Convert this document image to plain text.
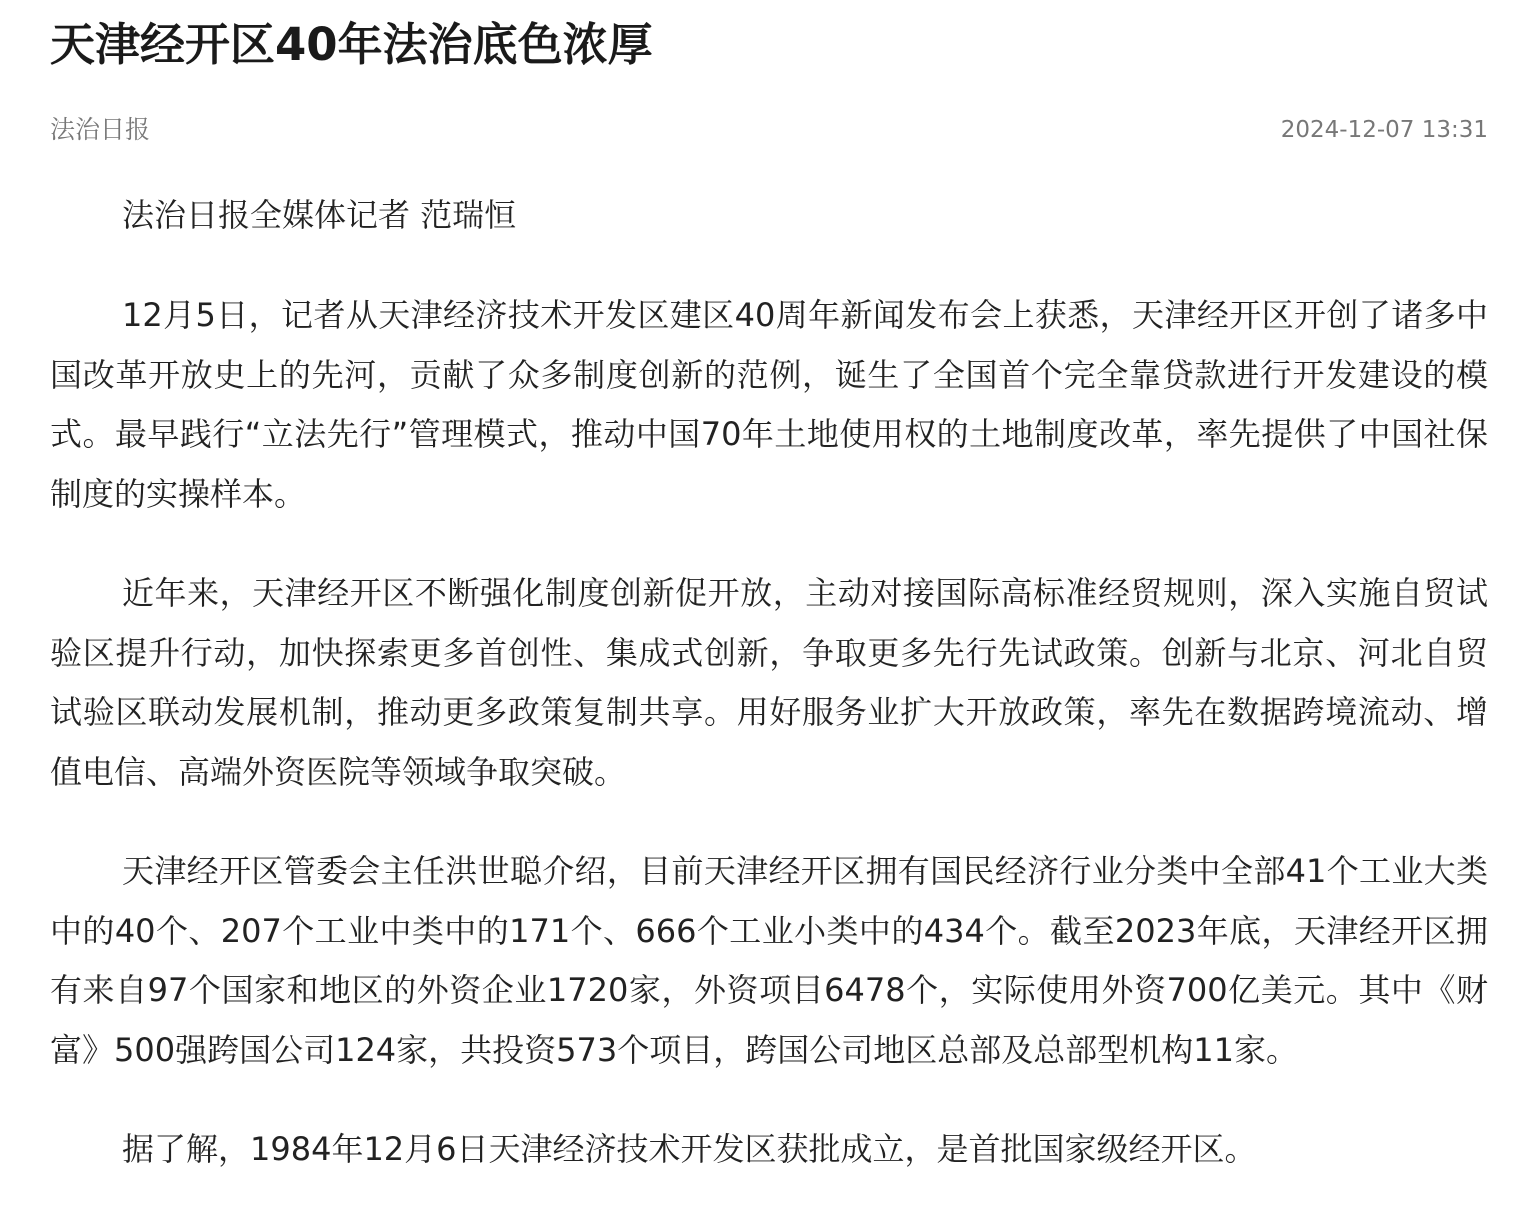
天津经开区40年法治底色浓厚
法治日报	2024-12-07 13:31

法治日报全媒体记者 范瑞恒

12月5日，记者从天津经济技术开发区建区40周年新闻发布会上获悉，天津经开区开创了诸多中国改革开放史上的先河，贡献了众多制度创新的范例，诞生了全国首个完全靠贷款进行开发建设的模式。最早践行“立法先行”管理模式，推动中国70年土地使用权的土地制度改革，率先提供了中国社保制度的实操样本。

近年来，天津经开区不断强化制度创新促开放，主动对接国际高标准经贸规则，深入实施自贸试验区提升行动，加快探索更多首创性、集成式创新，争取更多先行先试政策。创新与北京、河北自贸试验区联动发展机制，推动更多政策复制共享。用好服务业扩大开放政策，率先在数据跨境流动、增值电信、高端外资医院等领域争取突破。

天津经开区管委会主任洪世聪介绍，目前天津经开区拥有国民经济行业分类中全部41个工业大类中的40个、207个工业中类中的171个、666个工业小类中的434个。截至2023年底，天津经开区拥有来自97个国家和地区的外资企业1720家，外资项目6478个，实际使用外资700亿美元。其中《财富》500强跨国公司124家，共投资573个项目，跨国公司地区总部及总部型机构11家。

据了解，1984年12月6日天津经济技术开发区获批成立，是首批国家级经开区。
